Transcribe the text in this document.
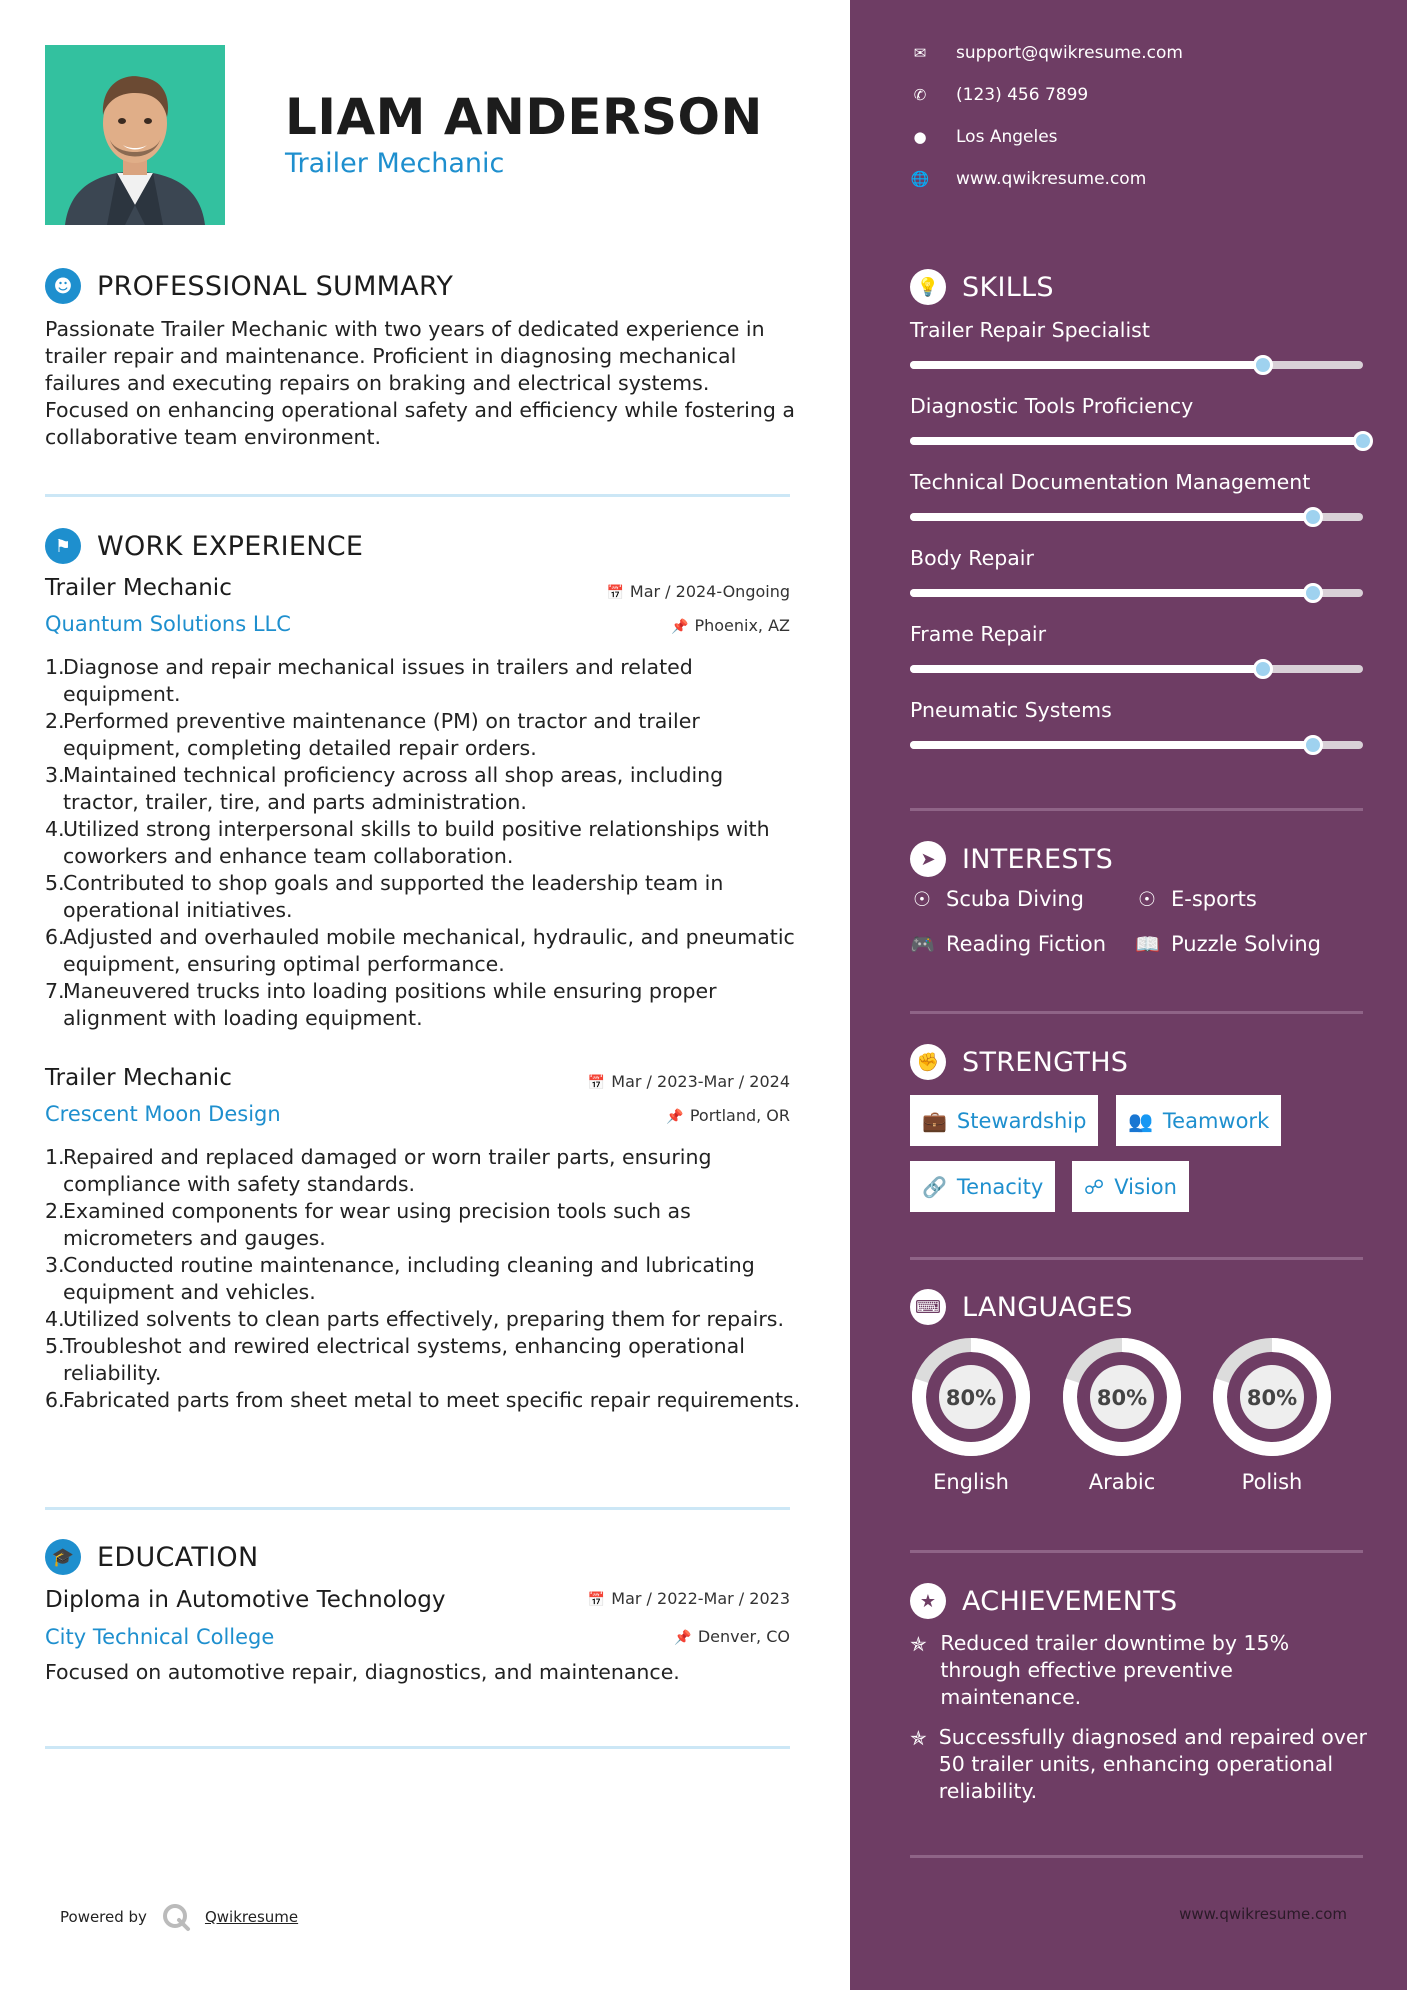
LIAM ANDERSON
Trailer Mechanic
☻ PROFESSIONAL SUMMARY
Passionate Trailer Mechanic with two years of dedicated experience in trailer repair and maintenance. Proficient in diagnosing mechanical failures and executing repairs on braking and electrical systems. Focused on enhancing operational safety and efficiency while fostering a collaborative team environment.
⚑ WORK EXPERIENCE
Trailer Mechanic	📅 Mar / 2024-Ongoing
Quantum Solutions LLC	📌 Phoenix, AZ
1.Diagnose and repair mechanical issues in trailers and related equipment.
2.Performed preventive maintenance (PM) on tractor and trailer equipment, completing detailed repair orders.
3.Maintained technical proficiency across all shop areas, including tractor, trailer, tire, and parts administration.
4.Utilized strong interpersonal skills to build positive relationships with coworkers and enhance team collaboration.
5.Contributed to shop goals and supported the leadership team in operational initiatives.
6.Adjusted and overhauled mobile mechanical, hydraulic, and pneumatic equipment, ensuring optimal performance.
7.Maneuvered trucks into loading positions while ensuring proper alignment with loading equipment.
Trailer Mechanic	📅 Mar / 2023-Mar / 2024
Crescent Moon Design	📌 Portland, OR
1.Repaired and replaced damaged or worn trailer parts, ensuring compliance with safety standards.
2.Examined components for wear using precision tools such as micrometers and gauges.
3.Conducted routine maintenance, including cleaning and lubricating equipment and vehicles.
4.Utilized solvents to clean parts effectively, preparing them for repairs.
5.Troubleshot and rewired electrical systems, enhancing operational reliability.
6.Fabricated parts from sheet metal to meet specific repair requirements.
🎓 EDUCATION
Diploma in Automotive Technology	📅 Mar / 2022-Mar / 2023
City Technical College	📌 Denver, CO
Focused on automotive repair, diagnostics, and maintenance.
Powered by	Qwikresume
✉ support@qwikresume.com
✆ (123) 456 7899
● Los Angeles
🌐 www.qwikresume.com
💡 SKILLS
Trailer Repair Specialist
Diagnostic Tools Proficiency
Technical Documentation Management
Body Repair
Frame Repair
Pneumatic Systems
➤ INTERESTS
☉ Scuba Diving	☉ E-sports
🎮 Reading Fiction 📖 Puzzle Solving
✊ STRENGTHS
💼 Stewardship 👥 Teamwork
🔗 Tenacity ☍ Vision
⌨ LANGUAGES
80%
English
80%
Arabic
80%
Polish
★ ACHIEVEMENTS
✯ Reduced trailer downtime by 15% through effective preventive maintenance.
✯ Successfully diagnosed and repaired over 50 trailer units, enhancing operational reliability.
www.qwikresume.com
